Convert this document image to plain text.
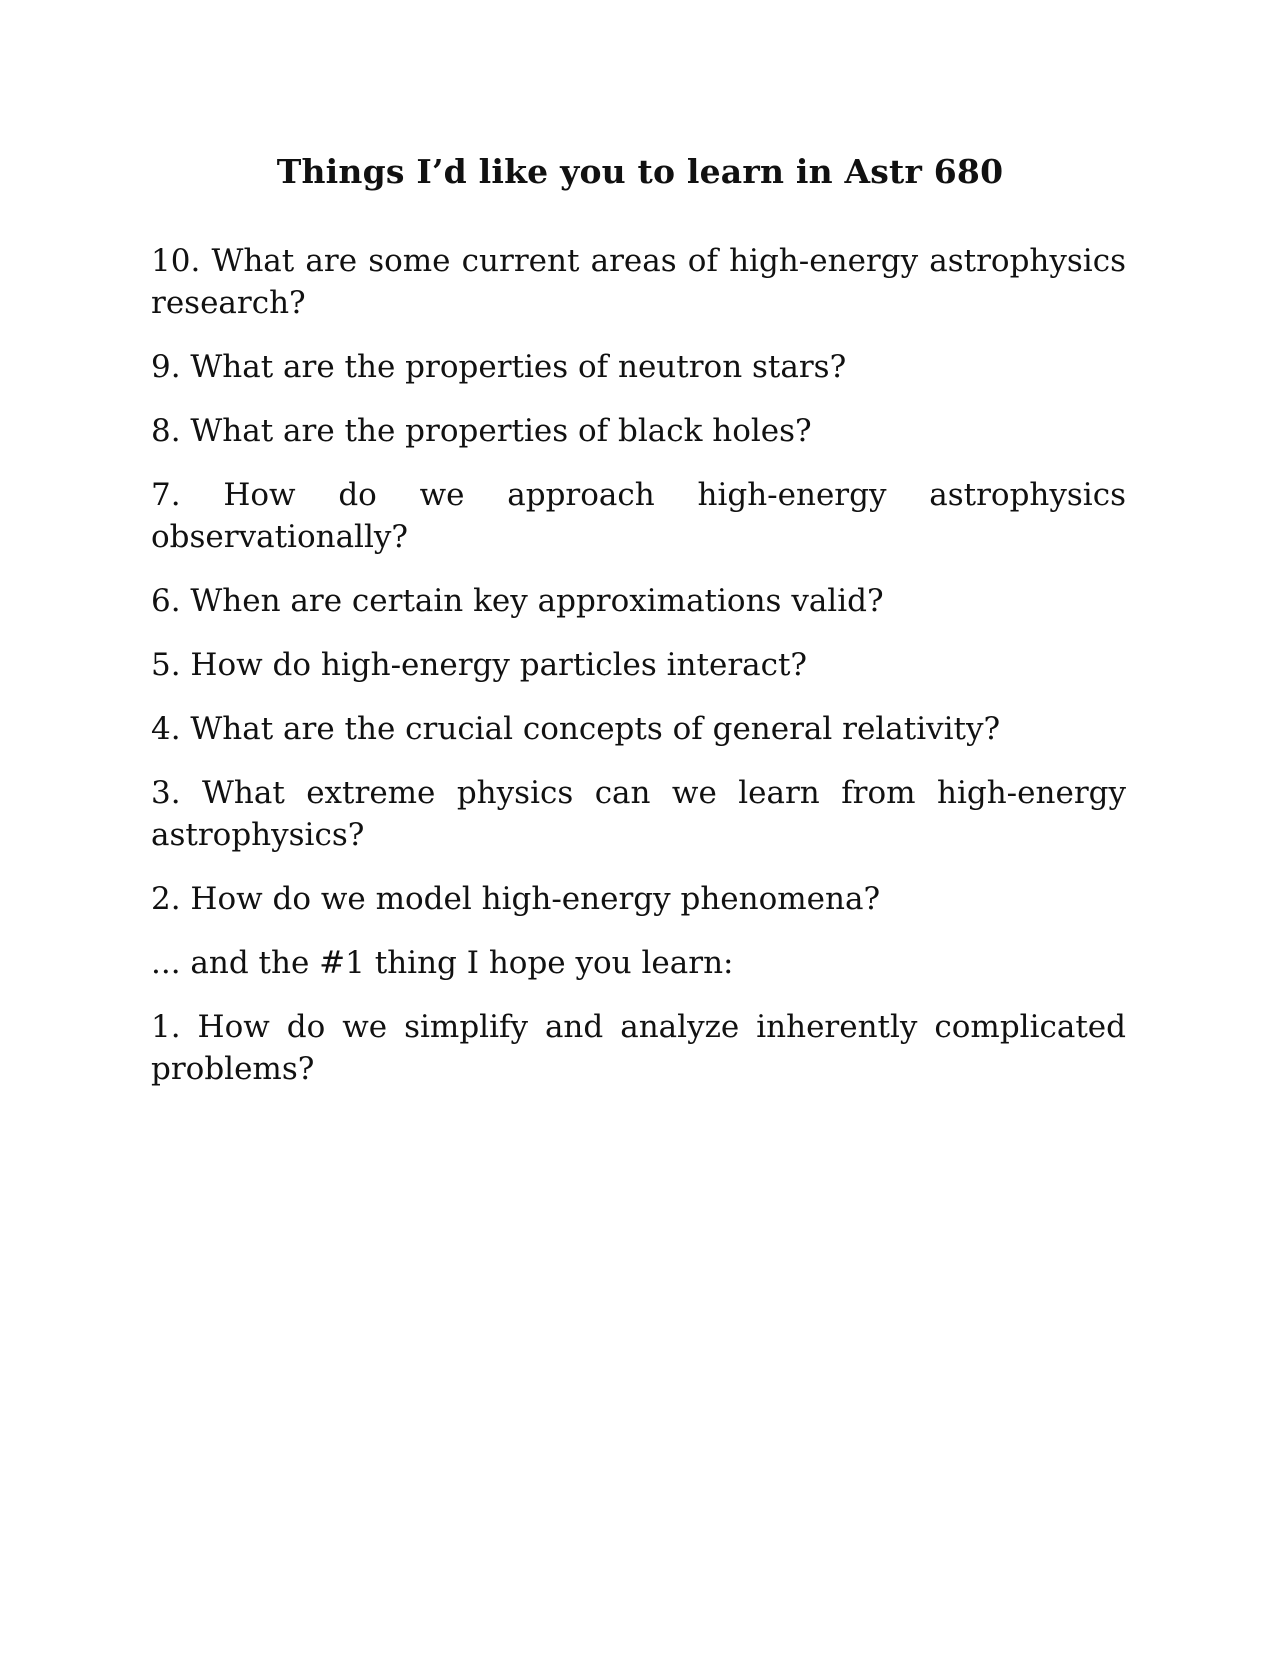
Things I’d like you to learn in Astr 680

10. What are some current areas of high-energy astrophysics research?

9. What are the properties of neutron stars?

8. What are the properties of black holes?

7. How do we approach high-energy astrophysics observationally?

6. When are certain key approximations valid?

5. How do high-energy particles interact?

4. What are the crucial concepts of general relativity?

3. What extreme physics can we learn from high-energy astrophysics?

2. How do we model high-energy phenomena?

... and the #1 thing I hope you learn:

1. How do we simplify and analyze inherently complicated problems?
